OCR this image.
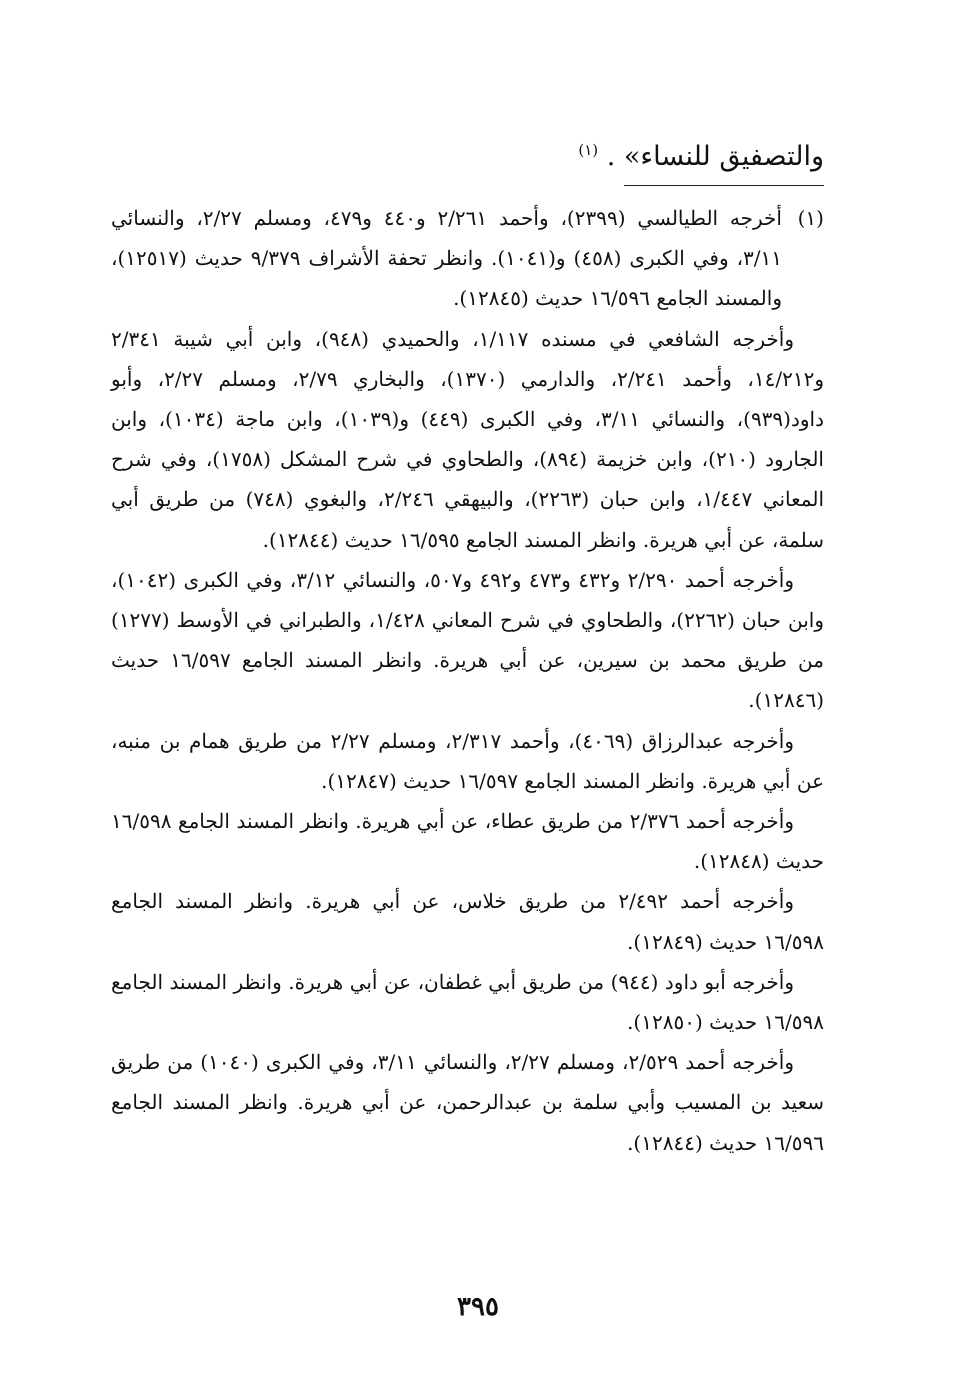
والتصفيق للنساء» . $^{(١)}$

(١)أخرجه الطيالسي (٢٣٩٩)، وأحمد ٢/٢٦١ و٤٤٠ و٤٧٩، ومسلم ٢/٢٧، والنسائي ٣/١١، وفي الكبرى (٤٥٨) و(١٠٤١). وانظر تحفة الأشراف ٩/٣٧٩ حديث (١٢٥١٧)، والمسند الجامع ١٦/٥٩٦ حديث (١٢٨٤٥).

وأخرجه الشافعي في مسنده ١/١١٧، والحميدي (٩٤٨)، وابن أبي شيبة ٢/٣٤١ و١٤/٢١٢، وأحمد ٢/٢٤١، والدارمي (١٣٧٠)، والبخاري ٢/٧٩، ومسلم ٢/٢٧، وأبو داود(٩٣٩)، والنسائي ٣/١١، وفي الكبرى (٤٤٩) و(١٠٣٩)، وابن ماجة (١٠٣٤)، وابن الجارود (٢١٠)، وابن خزيمة (٨٩٤)، والطحاوي في شرح المشكل (١٧٥٨)، وفي شرح المعاني ١/٤٤٧، وابن حبان (٢٢٦٣)، والبيهقي ٢/٢٤٦، والبغوي (٧٤٨) من طريق أبي سلمة، عن أبي هريرة. وانظر المسند الجامع ١٦/٥٩٥ حديث (١٢٨٤٤).

وأخرجه أحمد ٢/٢٩٠ و٤٣٢ و٤٧٣ و٤٩٢ و٥٠٧، والنسائي ٣/١٢، وفي الكبرى (١٠٤٢)، وابن حبان (٢٢٦٢)، والطحاوي في شرح المعاني ١/٤٢٨، والطبراني في الأوسط (١٢٧٧) من طريق محمد بن سيرين، عن أبي هريرة. وانظر المسند الجامع ١٦/٥٩٧ حديث (١٢٨٤٦).

وأخرجه عبدالرزاق (٤٠٦٩)، وأحمد ٢/٣١٧، ومسلم ٢/٢٧ من طريق همام بن منبه، عن أبي هريرة. وانظر المسند الجامع ١٦/٥٩٧ حديث (١٢٨٤٧).

وأخرجه أحمد ٢/٣٧٦ من طريق عطاء، عن أبي هريرة. وانظر المسند الجامع ١٦/٥٩٨ حديث (١٢٨٤٨).

وأخرجه أحمد ٢/٤٩٢ من طريق خلاس، عن أبي هريرة. وانظر المسند الجامع ١٦/٥٩٨ حديث (١٢٨٤٩).

وأخرجه أبو داود (٩٤٤) من طريق أبي غطفان، عن أبي هريرة. وانظر المسند الجامع ١٦/٥٩٨ حديث (١٢٨٥٠).

وأخرجه أحمد ٢/٥٢٩، ومسلم ٢/٢٧، والنسائي ٣/١١، وفي الكبرى (١٠٤٠) من طريق سعيد بن المسيب وأبي سلمة بن عبدالرحمن، عن أبي هريرة. وانظر المسند الجامع ١٦/٥٩٦ حديث (١٢٨٤٤).

٣٩٥
